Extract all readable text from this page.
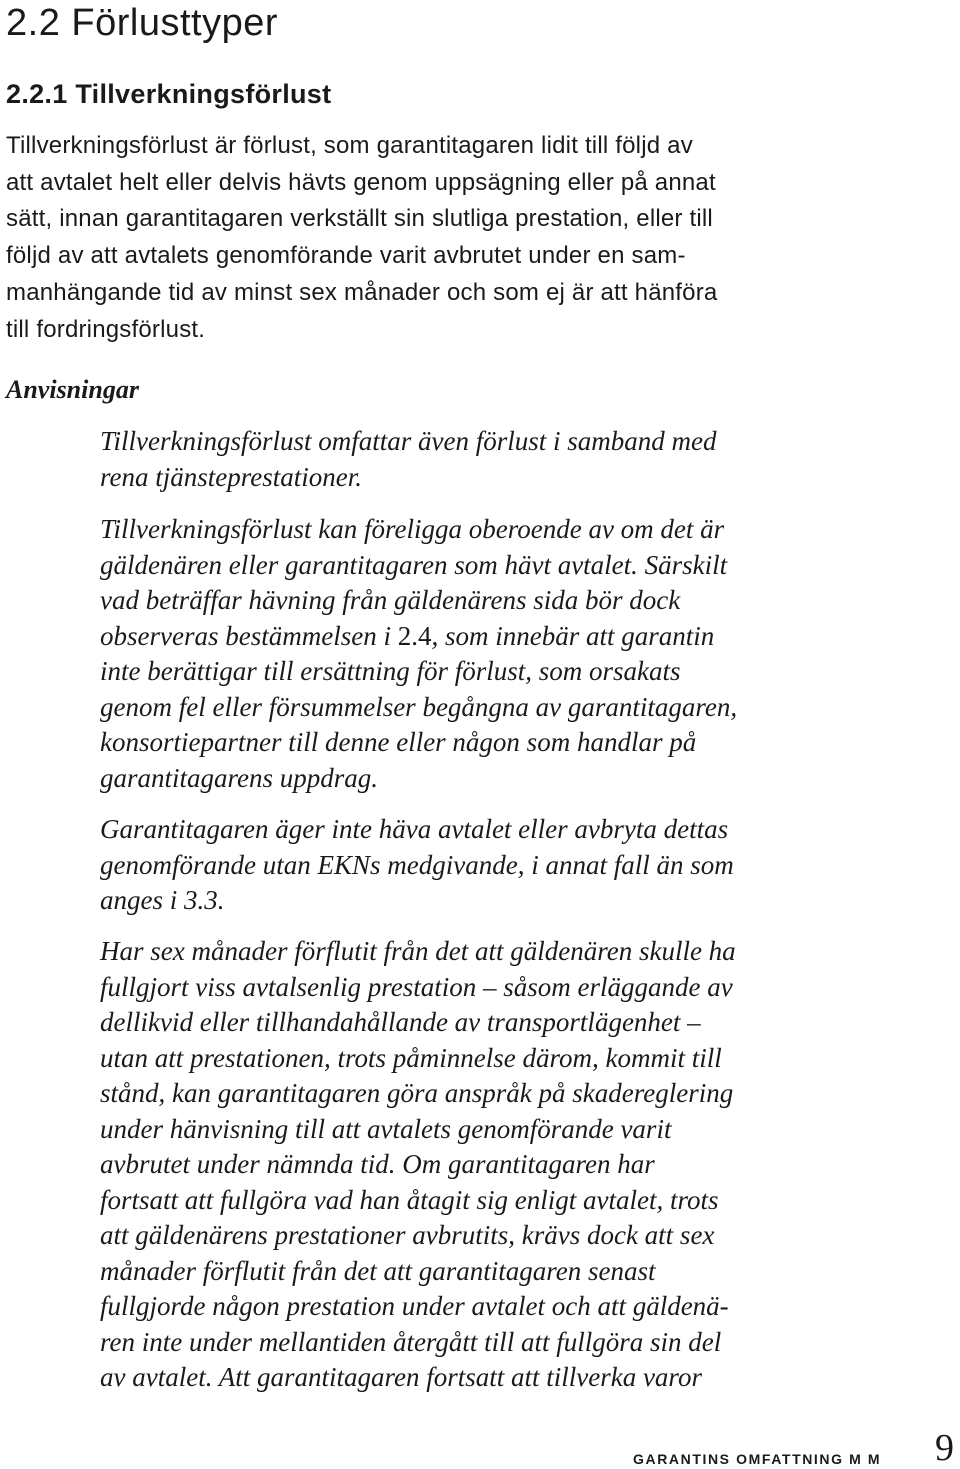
2.2 Förlusttyper
2.2.1 Tillverkningsförlust

Tillverkningsförlust är förlust, som garantitagaren lidit till följd av
att avtalet helt eller delvis hävts genom uppsägning eller på annat
sätt, innan garantitagaren verkställt sin slutliga prestation, eller till
följd av att avtalets genomförande varit avbrutet under en sam-
manhängande tid av minst sex månader och som ej är att hänföra
till fordringsförlust.

Anvisningar

Tillverkningsförlust omfattar även förlust i samband med
rena tjänsteprestationer.

Tillverkningsförlust kan föreligga oberoende av om det är
gäldenären eller garantitagaren som hävt avtalet. Särskilt
vad beträffar hävning från gäldenärens sida bör dock
observeras bestämmelsen i 2.4, som innebär att garantin
inte berättigar till ersättning för förlust, som orsakats
genom fel eller försummelser begångna av garantitagaren,
konsortiepartner till denne eller någon som handlar på
garantitagarens uppdrag.

Garantitagaren äger inte häva avtalet eller avbryta dettas
genomförande utan EKNs medgivande, i annat fall än som
anges i 3.3.

Har sex månader förflutit från det att gäldenären skulle ha
fullgjort viss avtalsenlig prestation – såsom erläggande av
dellikvid eller tillhandahållande av transportlägenhet –
utan att prestationen, trots påminnelse därom, kommit till
stånd, kan garantitagaren göra anspråk på skadereglering
under hänvisning till att avtalets genomförande varit
avbrutet under nämnda tid. Om garantitagaren har
fortsatt att fullgöra vad han åtagit sig enligt avtalet, trots
att gäldenärens prestationer avbrutits, krävs dock att sex
månader förflutit från det att garantitagaren senast
fullgjorde någon prestation under avtalet och att gäldenä-
ren inte under mellantiden återgått till att fullgöra sin del
av avtalet. Att garantitagaren fortsatt att tillverka varor

GARANTINS OMFATTNING M M 9
